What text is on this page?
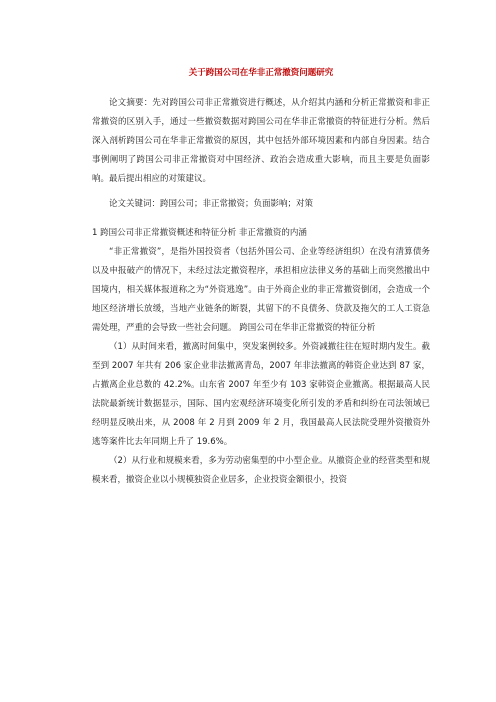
关于跨国公司在华非正常撤资问题研究

论文摘要：先对跨国公司非正常撤资进行概述，从介绍其内涵和分析正常撤资和非正常撤资的区别入手，通过一些撤资数据对跨国公司在华非正常撤资的特征进行分析。然后深入剖析跨国公司在华非正常撤资的原因，其中包括外部环境因素和内部自身因素。结合事例阐明了跨国公司非正常撤资对中国经济、政治会造成重大影响，而且主要是负面影响。最后提出相应的对策建议。

论文关键词：跨国公司；非正常撤资；负面影响；对策

1 跨国公司非正常撤资概述和特征分析 非正常撤资的内涵

“非正常撤资”，是指外国投资者（包括外国公司、企业等经济组织）在没有清算债务以及申报破产的情况下，未经过法定撤资程序，承担相应法律义务的基础上而突然撤出中国境内，相关媒体报道称之为“外资逃逸”。由于外商企业的非正常撤资倒闭，会造成一个地区经济增长放缓，当地产业链条的断裂，其留下的不良债务、贷款及拖欠的工人工资急需处理，严重的会导致一些社会问题。 跨国公司在华非正常撤资的特征分析

（1）从时间来看，撤离时间集中，突发案例较多。外资减撤往往在短时期内发生。截至到 2007 年共有 206 家企业非法撤离青岛，2007 年非法撤离的韩资企业达到 87 家，占撤离企业总数的 42.2%。山东省 2007 年至少有 103 家韩资企业撤离。根据最高人民法院最新统计数据显示，国际、国内宏观经济环境变化所引发的矛盾和纠纷在司法领域已经明显反映出来，从 2008 年 2 月到 2009 年 2 月，我国最高人民法院受理外资撤资外逃等案件比去年同期上升了 19.6%。

（2）从行业和规模来看，多为劳动密集型的中小型企业。从撤资企业的经营类型和规模来看，撤资企业以小规模独资企业居多，企业投资金额很小，投资
